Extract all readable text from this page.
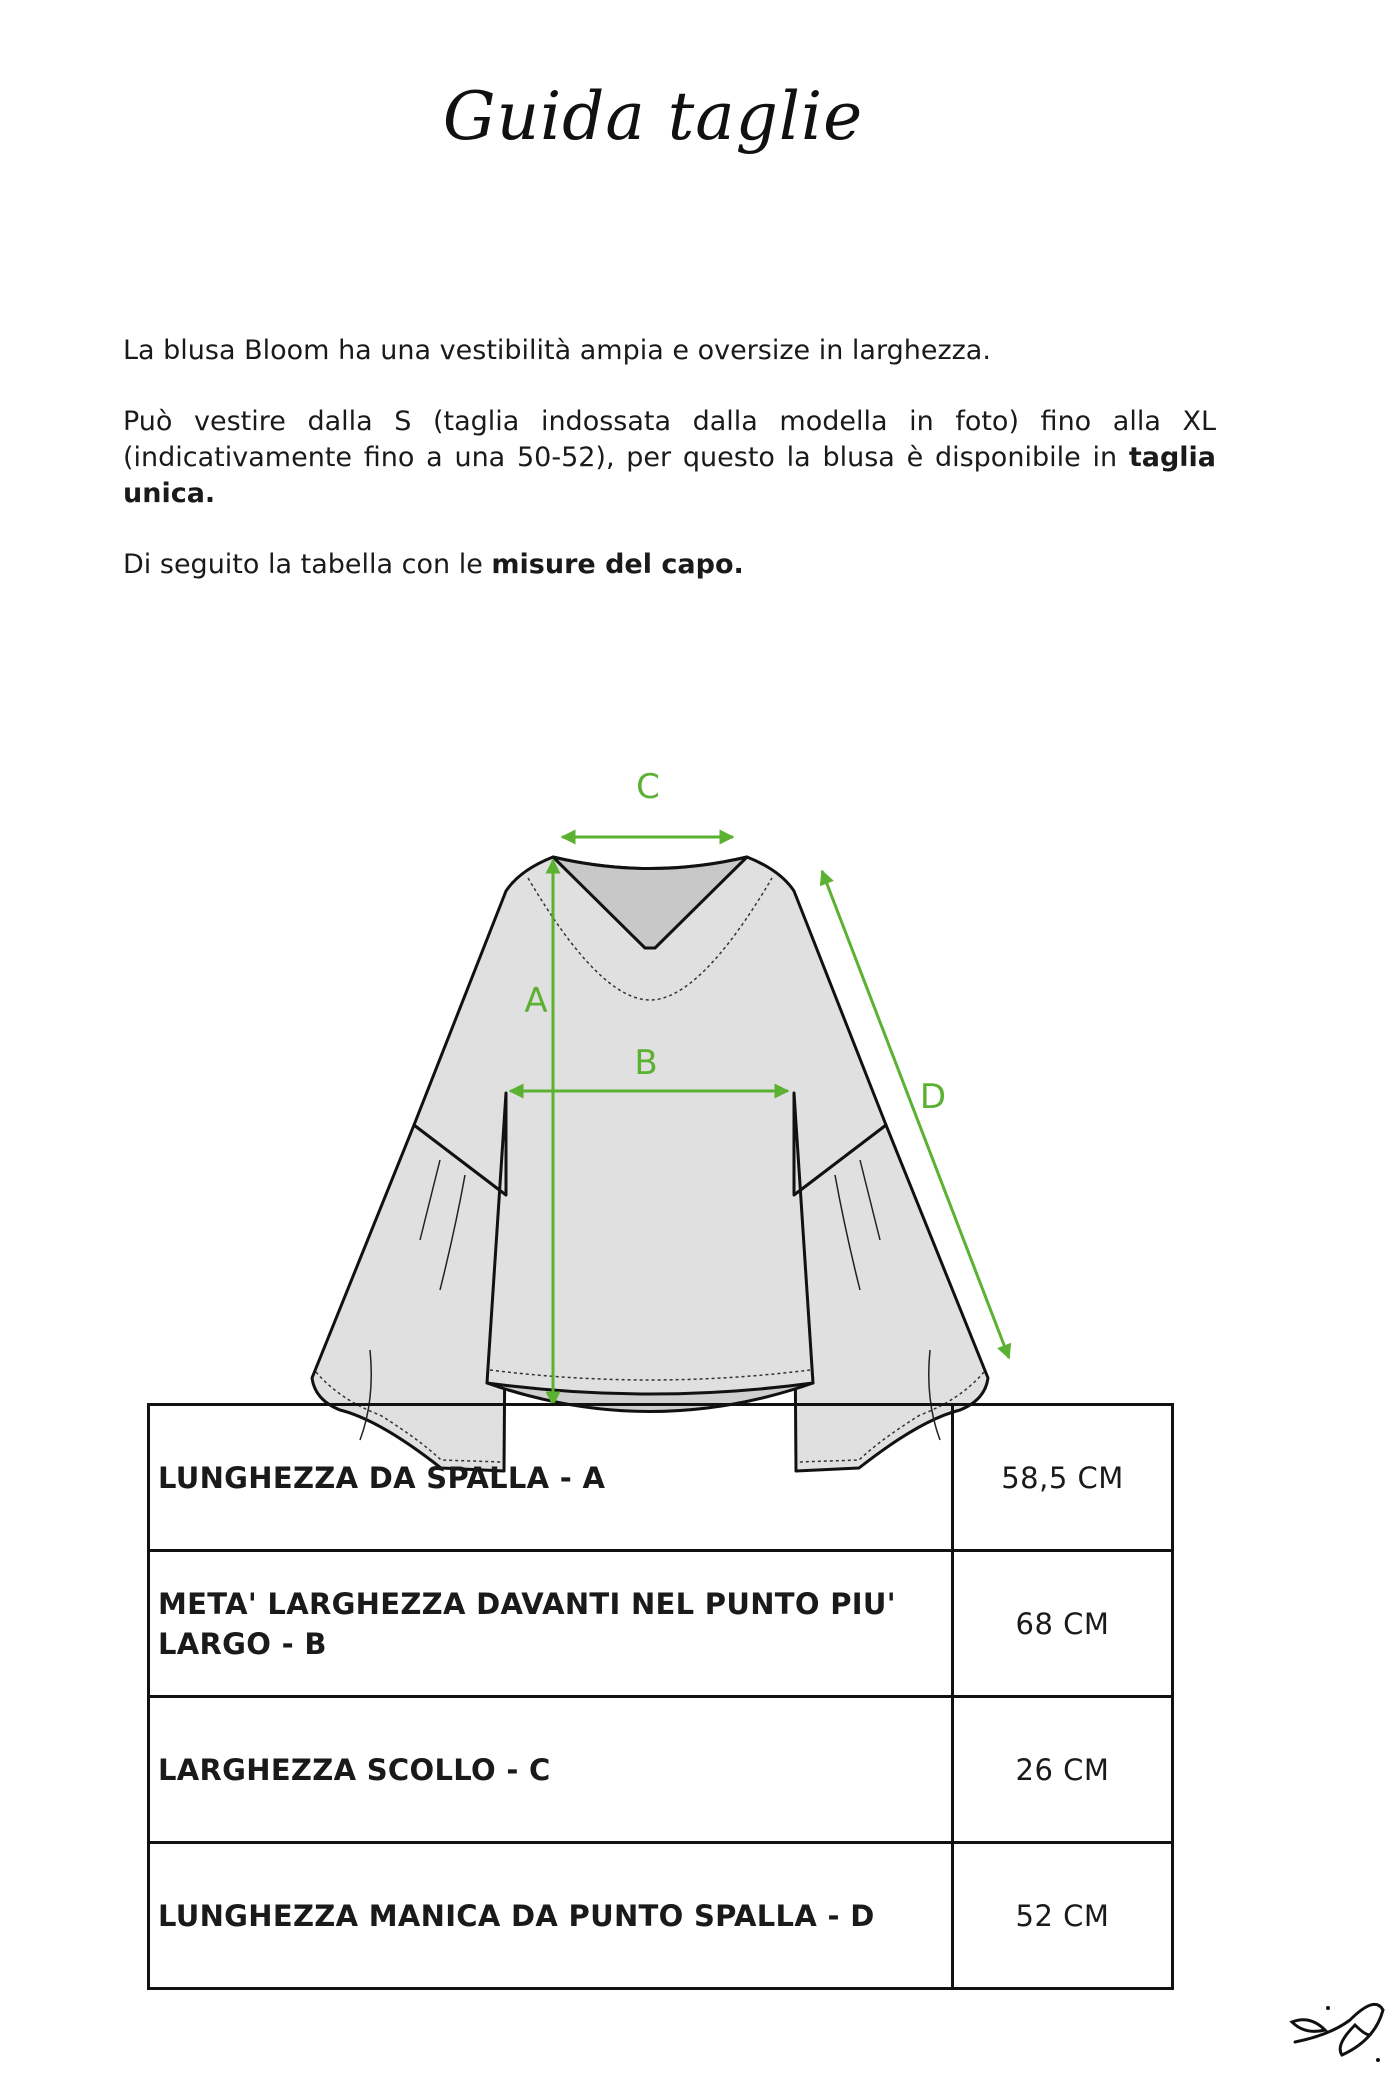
Guida taglie

La blusa Bloom ha una vestibilità ampia e oversize in larghezza.

Può vestire dalla S (taglia indossata dalla modella in foto) fino alla XL (indicativamente fino a una 50-52), per questo la blusa è disponibile in taglia unica.

Di seguito la tabella con le misure del capo.

C
A
B
D
LUNGHEZZA DA SPALLA - A	58,5 CM
META' LARGHEZZA DAVANTI NEL PUNTO PIU' LARGO - B	68 CM
LARGHEZZA SCOLLO - C	26 CM
LUNGHEZZA MANICA DA PUNTO SPALLA - D	52 CM
